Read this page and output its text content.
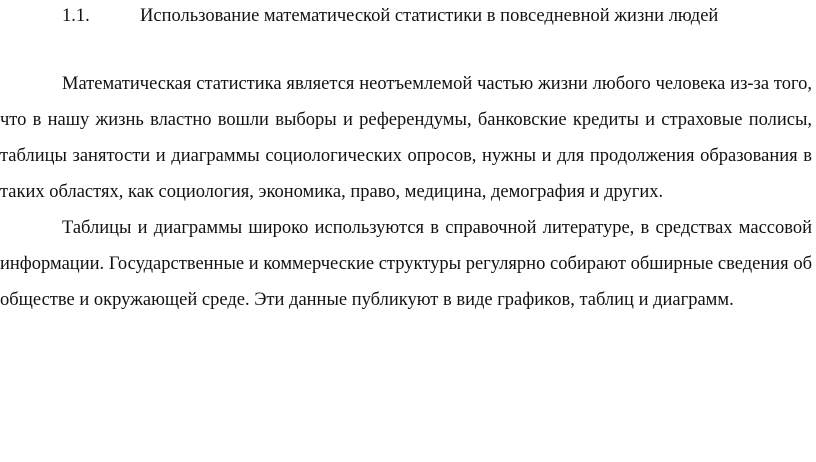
1.1.	Использование математической статистики в повседневной жизни людей

Математическая статистика является неотъемлемой частью жизни любого человека из-за того, что в нашу жизнь властно вошли выборы и референдумы, банковские кредиты и страховые полисы, таблицы занятости и диаграммы социологических опросов, нужны и для продолжения образования в таких областях, как социология, экономика, право, медицина, демография и других.

Таблицы и диаграммы широко используются в справочной литературе, в средствах массовой информации. Государственные и коммерческие структуры регулярно собирают обширные сведения об обществе и окружающей среде. Эти данные публикуют в виде графиков, таблиц и диаграмм.
